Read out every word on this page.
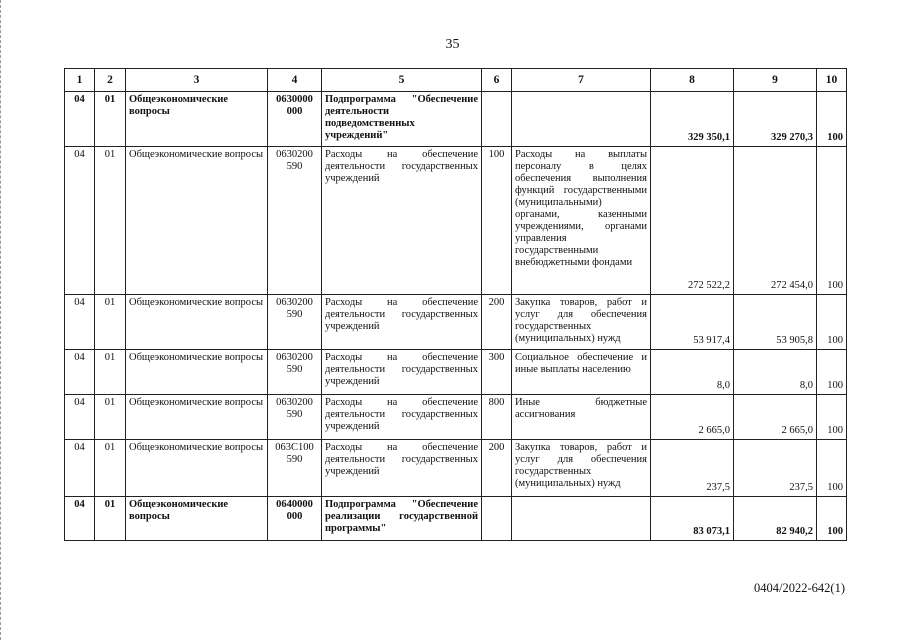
35
1	2	3	4	5	6	7	8	9	10
04	01	Общеэкономические вопросы	0630000 000	Подпрограмма "Обеспечение деятельности подведомственных учреждений"			329 350,1	329 270,3	100
04	01	Общеэкономические вопросы	0630200 590	Расходы на обеспечение деятельности государственных учреждений	100	Расходы на выплаты персоналу в целях обеспечения выполнения функций государственными (муниципальными) органами, казенными учреждениями, органами управления государственными внебюджетными фондами	272 522,2	272 454,0	100
04	01	Общеэкономические вопросы	0630200 590	Расходы на обеспечение деятельности государственных учреждений	200	Закупка товаров, работ и услуг для обеспечения государственных (муниципальных) нужд	53 917,4	53 905,8	100
04	01	Общеэкономические вопросы	0630200 590	Расходы на обеспечение деятельности государственных учреждений	300	Социальное обеспечение и иные выплаты населению	8,0	8,0	100
04	01	Общеэкономические вопросы	0630200 590	Расходы на обеспечение деятельности государственных учреждений	800	Иные бюджетные ассигнования	2 665,0	2 665,0	100
04	01	Общеэкономические вопросы	063С100 590	Расходы на обеспечение деятельности государственных учреждений	200	Закупка товаров, работ и услуг для обеспечения государственных (муниципальных) нужд	237,5	237,5	100
04	01	Общеэкономические вопросы	0640000 000	Подпрограмма "Обеспечение реализации государственной программы"			83 073,1	82 940,2	100
0404/2022-642(1)
